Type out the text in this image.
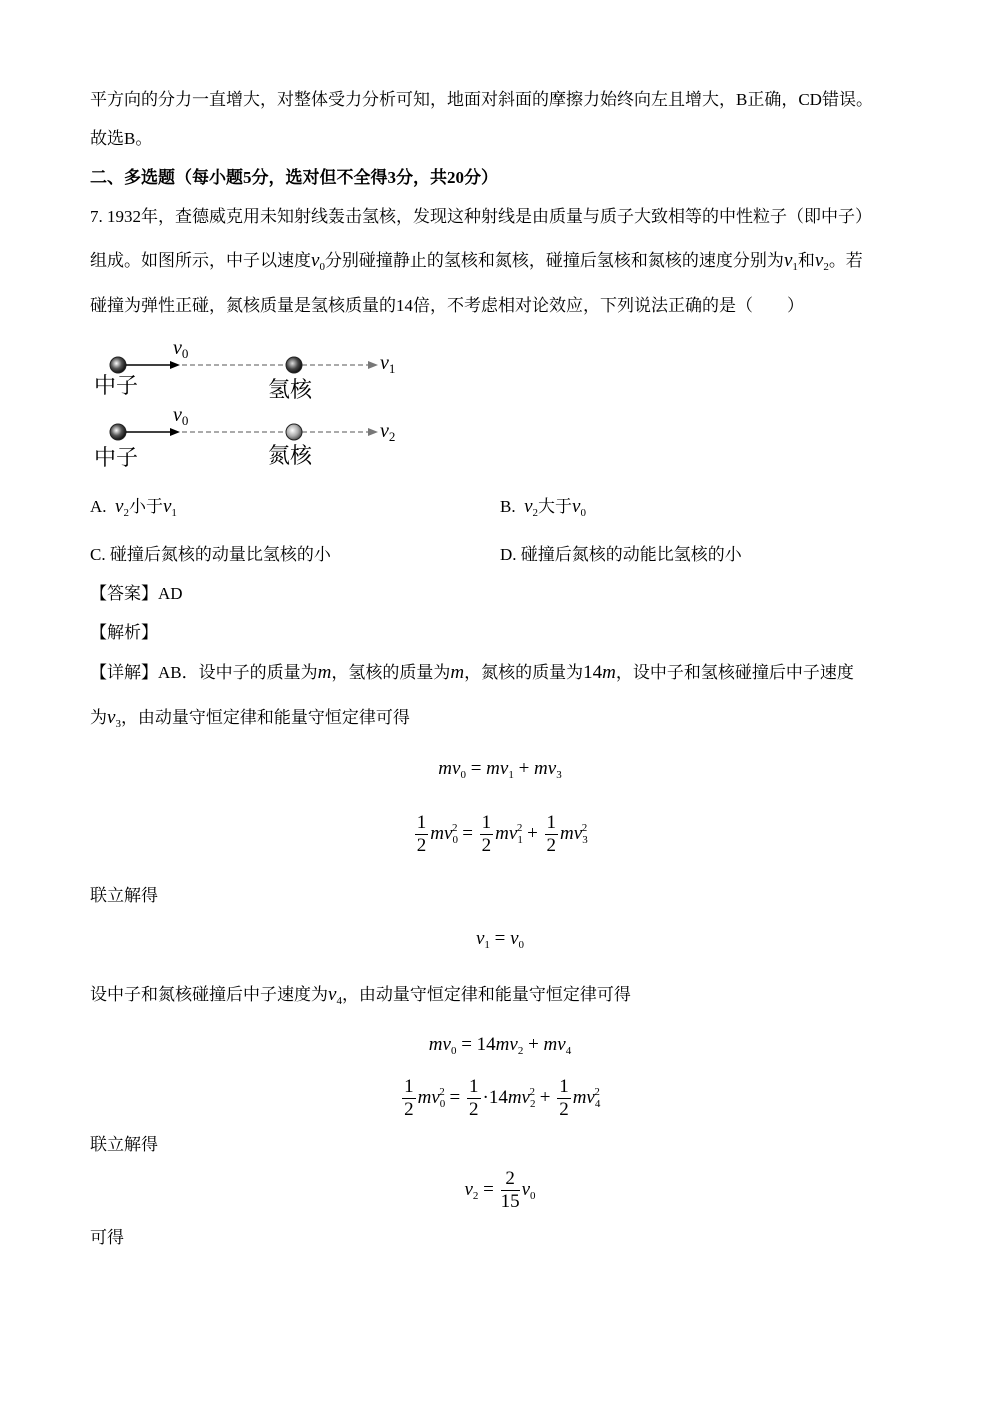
平方向的分力一直增大，对整体受力分析可知，地面对斜面的摩擦力始终向左且增大，B正确，CD错误。
故选B。
二、多选题（每小题5分，选对但不全得3分，共20分）
7. 1932年，查德威克用未知射线轰击氢核，发现这种射线是由质量与质子大致相等的中性粒子（即中子）
组成。如图所示，中子以速度$v_0$分别碰撞静止的氢核和氮核，碰撞后氢核和氮核的速度分别为$v_1$和$v_2$。若
碰撞为弹性正碰，氮核质量是氢核质量的14倍，不考虑相对论效应，下列说法正确的是（　　）
$v_0$	$v_1$
中子	氢核
$v_0$	$v_2$
中子	氮核
A. $v_2$小于$v_1$	B. $v_2$大于$v_0$
C. 碰撞后氮核的动量比氢核的小	D. 碰撞后氮核的动能比氢核的小
【答案】AD
【解析】
【详解】AB．设中子的质量为m，氢核的质量为m，氮核的质量为14m，设中子和氢核碰撞后中子速度
为$v_3$，由动量守恒定律和能量守恒定律可得
$mv_0 = mv_1 + mv_3$
$\frac{1}{2} mv_0^2 = \frac{1}{2} mv_1^2 + \frac{1}{2} mv_3^2$
联立解得
$v_1 = v_0$
设中子和氮核碰撞后中子速度为$v_4$，由动量守恒定律和能量守恒定律可得
$mv_0 = 14mv_2 + mv_4$
$\frac{1}{2} mv_0^2 = \frac{1}{2} \cdot 14mv_2^2 + \frac{1}{2} mv_4^2$
联立解得
$v_2 = \frac{2}{15} v_0$
可得
